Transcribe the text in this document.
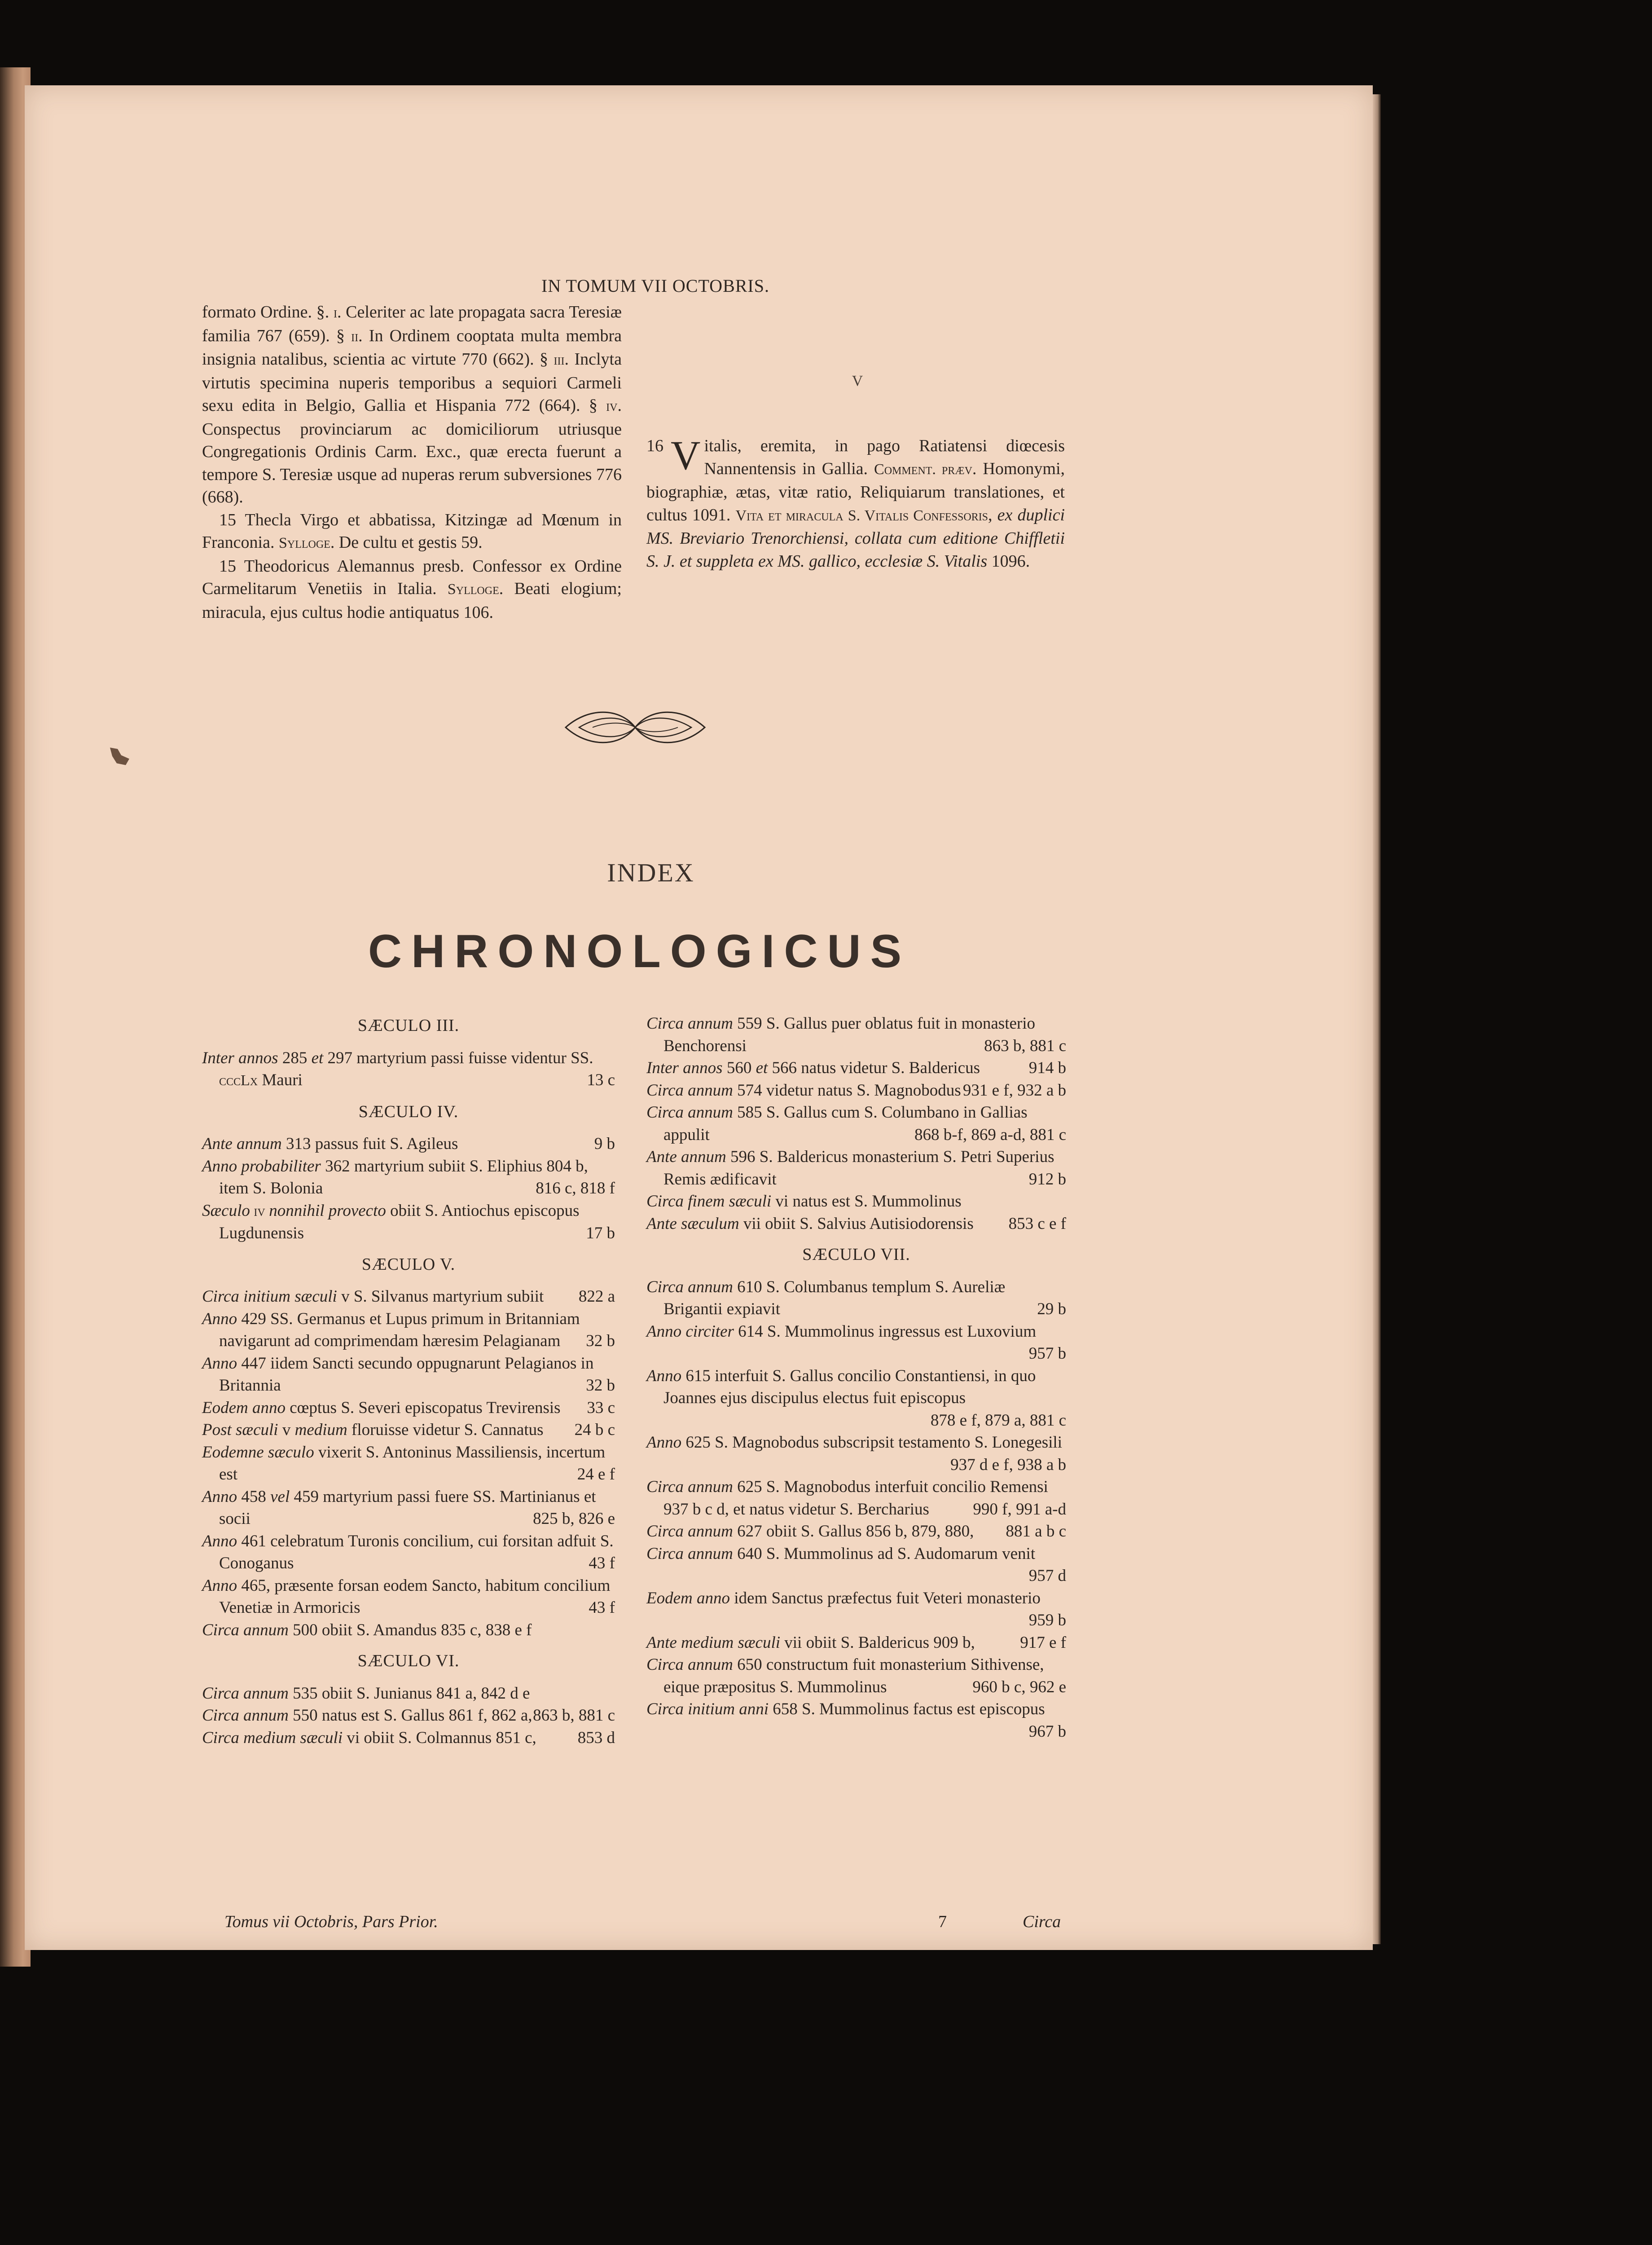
IN TOMUM VII OCTOBRIS.

formato Ordine. §. i. Celeriter ac late propagata sacra Teresiæ familia 767 (659). § ii. In Ordinem cooptata multa membra insignia natalibus, scientia ac virtute 770 (662). § iii. Inclyta virtutis specimina nuperis temporibus a sequiori Carmeli sexu edita in Belgio, Gallia et Hispania 772 (664). § iv. Conspectus provinciarum ac domiciliorum utriusque Congregationis Ordinis Carm. Exc., quæ erecta fuerunt a tempore S. Teresiæ usque ad nuperas rerum subversiones 776 (668).

15 Thecla Virgo et abbatissa, Kitzingæ ad Mœnum in Franconia. Sylloge. De cultu et gestis 59.

15 Theodoricus Alemannus presb. Confessor ex Ordine Carmelitarum Venetiis in Italia. Sylloge. Beati elogium; miracula, ejus cultus hodie antiquatus 106.

V

16 V italis, eremita, in pago Ratiatensi diœcesis Nannentensis in Gallia. Comment. præv. Homonymi, biographiæ, ætas, vitæ ratio, Reliquiarum translationes, et cultus 1091. Vita et miracula S. Vitalis Confessoris, ex duplici MS. Breviario Trenorchiensi, collata cum editione Chiffletii S. J. et suppleta ex MS. gallico, ecclesiæ S. Vitalis 1096.

INDEX
CHRONOLOGICUS
SÆCULO III.

Inter annos 285 et 297 martyrium passi fuisse videntur SS. cccLx Mauri	13 c

SÆCULO IV.

Ante annum 313 passus fuit S. Agileus	9 b

Anno probabiliter 362 martyrium subiit S. Eliphius 804 b, item S. Bolonia	816 c, 818 f

Sæculo iv nonnihil provecto obiit S. Antiochus episcopus Lugdunensis	17 b

SÆCULO V.

Circa initium sæculi v S. Silvanus martyrium subiit 822 a

Anno 429 SS. Germanus et Lupus primum in Britanniam navigarunt ad comprimendam hæresim Pelagianam 32 b

Anno 447 iidem Sancti secundo oppugnarunt Pelagianos in Britannia	32 b

Eodem anno cœptus S. Severi episcopatus Trevirensis 33 c

Post sæculi v medium floruisse videtur S. Cannatus 24 b c

Eodemne sæculo vixerit S. Antoninus Massiliensis, incertum est	24 e f

Anno 458 vel 459 martyrium passi fuere SS. Martinianus et socii	825 b, 826 e

Anno 461 celebratum Turonis concilium, cui forsitan adfuit S. Conoganus	43 f

Anno 465, præsente forsan eodem Sancto, habitum concilium Venetiæ in Armoricis	43 f

Circa annum 500 obiit S. Amandus 835 c, 838 e f

SÆCULO VI.

Circa annum 535 obiit S. Junianus 841 a, 842 d e

Circa annum 550 natus est S. Gallus 861 f, 862 a, 863 b, 881 c

Circa medium sæculi vi obiit S. Colmannus 851 c, 853 d

Circa annum 559 S. Gallus puer oblatus fuit in monasterio Benchorensi	863 b, 881 c

Inter annos 560 et 566 natus videtur S. Baldericus	914 b

Circa annum 574 videtur natus S. Magnobodus 931 e f, 932 a b

Circa annum 585 S. Gallus cum S. Columbano in Gallias appulit	868 b-f, 869 a-d, 881 c

Ante annum 596 S. Baldericus monasterium S. Petri Superius Remis ædificavit	912 b

Circa finem sæculi vi natus est S. Mummolinus

Ante sæculum vii obiit S. Salvius Autisiodorensis 853 c e f

SÆCULO VII.

Circa annum 610 S. Columbanus templum S. Aureliæ Brigantii expiavit	29 b

Anno circiter 614 S. Mummolinus ingressus est Luxovium
957 b

Anno 615 interfuit S. Gallus concilio Constantiensi, in quo Joannes ejus discipulus electus fuit episcopus
878 e f, 879 a, 881 c

Anno 625 S. Magnobodus subscripsit testamento S. Lonegesili
937 d e f, 938 a b

Circa annum 625 S. Magnobodus interfuit concilio Remensi 937 b c d, et natus videtur S. Bercharius	990 f, 991 a-d

Circa annum 627 obiit S. Gallus 856 b, 879, 880, 881 a b c

Circa annum 640 S. Mummolinus ad S. Audomarum venit
957 d

Eodem anno idem Sanctus præfectus fuit Veteri monasterio
959 b

Ante medium sæculi vii obiit S. Baldericus 909 b,	917 e f

Circa annum 650 constructum fuit monasterium Sithivense, eique præpositus S. Mummolinus	960 b c, 962 e

Circa initium anni 658 S. Mummolinus factus est episcopus
967 b

Tomus vii Octobris, Pars Prior.	7	Circa
